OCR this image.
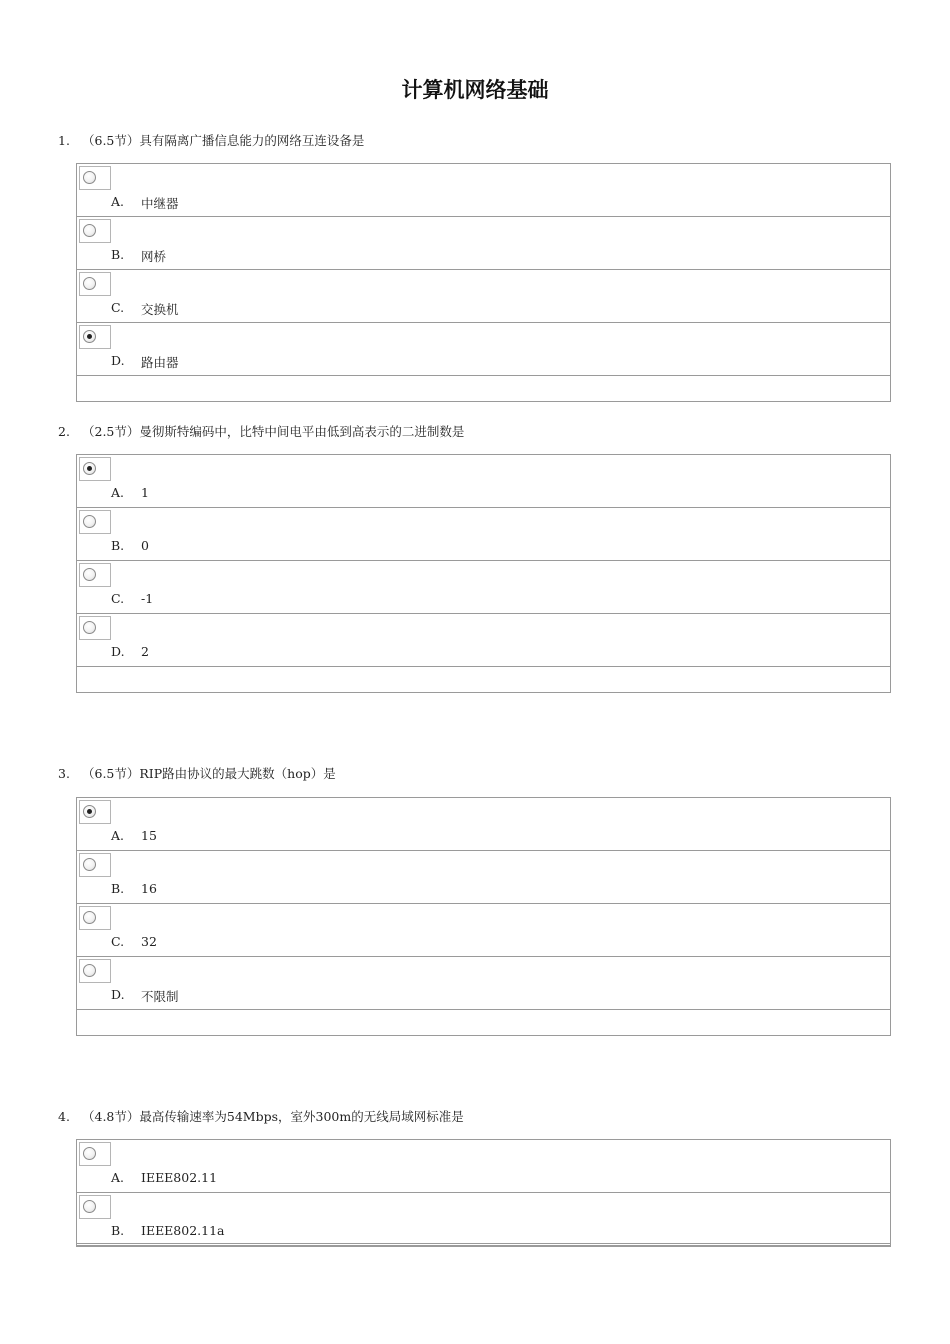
计算机网络基础
1. （6.5节）具有隔离广播信息能力的网络互连设备是
A. 中继器
B. 网桥
C. 交换机
D. 路由器
2. （2.5节）曼彻斯特编码中，比特中间电平由低到高表示的二进制数是
A. 1
B. 0
C. -1
D. 2
3. （6.5节）RIP路由协议的最大跳数（hop）是
A. 15
B. 16
C. 32
D. 不限制
4. （4.8节）最高传输速率为54Mbps，室外300m的无线局域网标准是
A. IEEE802.11
B. IEEE802.11a
